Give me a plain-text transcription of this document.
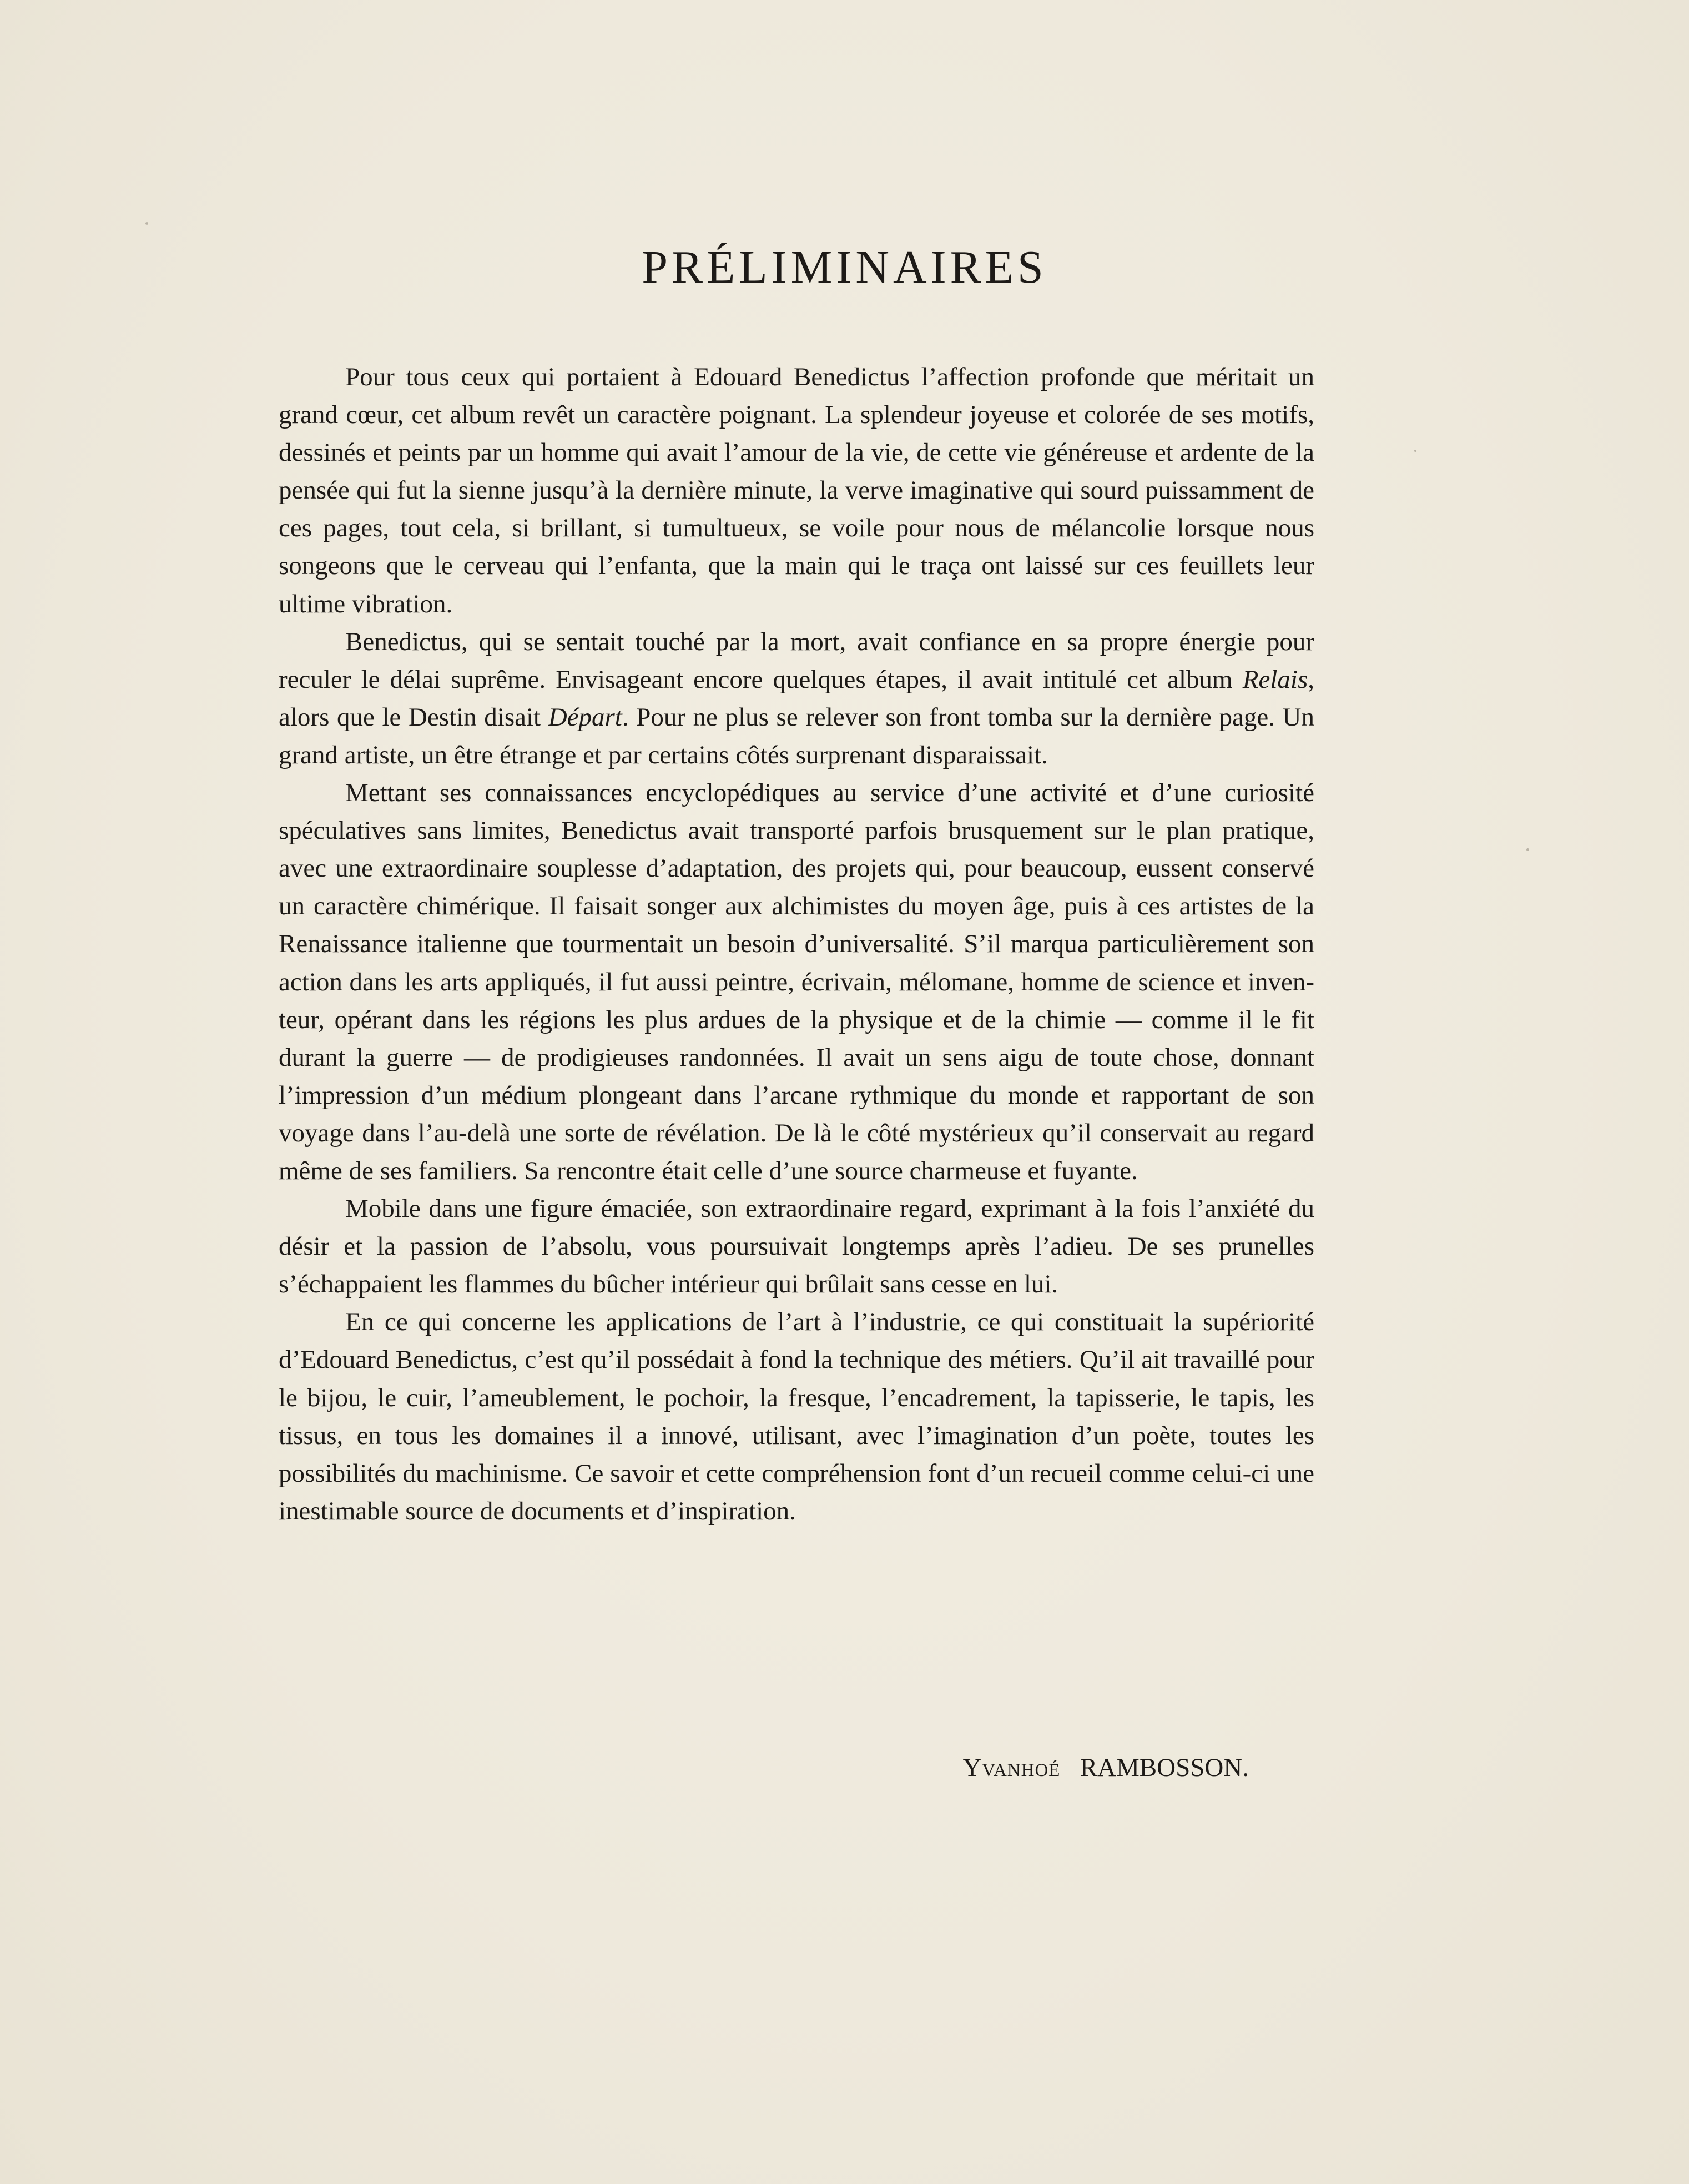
PRÉLIMINAIRES

Pour tous ceux qui portaient à Edouard Benedictus l’affection profonde que méritait un grand cœur, cet album revêt un caractère poignant. La splendeur joyeuse et colorée de ses motifs, dessinés et peints par un homme qui avait l’amour de la vie, de cette vie généreuse et ardente de la pensée qui fut la sienne jusqu’à la dernière minute, la verve imaginative qui sourd puissamment de ces pages, tout cela, si brillant, si tumultueux, se voile pour nous de mélancolie lorsque nous songeons que le cerveau qui l’enfanta, que la main qui le traça ont laissé sur ces feuillets leur ultime vibration.

Benedictus, qui se sentait touché par la mort, avait confiance en sa propre énergie pour reculer le délai suprême. Envisageant encore quelques étapes, il avait intitulé cet album Relais, alors que le Destin disait Départ. Pour ne plus se relever son front tomba sur la dernière page. Un grand artiste, un être étrange et par certains côtés surprenant disparaissait.

Mettant ses connaissances encyclopédiques au service d’une activité et d’une curiosité spéculatives sans limites, Benedictus avait transporté parfois brusquement sur le plan pratique, avec une extraordinaire souplesse d’adaptation, des projets qui, pour beaucoup, eussent conservé un caractère chimérique. Il faisait songer aux alchimistes du moyen âge, puis à ces artistes de la Renaissance italienne que tourmentait un besoin d’universalité. S’il marqua particulièrement son action dans les arts appliqués, il fut aussi peintre, écrivain, mélomane, homme de science et inventeur, opérant dans les régions les plus ardues de la physique et de la chimie — comme il le fit durant la guerre — de prodigieuses randonnées. Il avait un sens aigu de toute chose, donnant l’impression d’un médium plongeant dans l’arcane rythmique du monde et rapportant de son voyage dans l’au-delà une sorte de révélation. De là le côté mystérieux qu’il conservait au regard même de ses familiers. Sa rencontre était celle d’une source charmeuse et fuyante.

Mobile dans une figure émaciée, son extraordinaire regard, exprimant à la fois l’anxiété du désir et la passion de l’absolu, vous poursuivait longtemps après l’adieu. De ses prunelles s’échappaient les flammes du bûcher intérieur qui brûlait sans cesse en lui.

En ce qui concerne les applications de l’art à l’industrie, ce qui constituait la supériorité d’Edouard Benedictus, c’est qu’il possédait à fond la technique des métiers. Qu’il ait travaillé pour le bijou, le cuir, l’ameublement, le pochoir, la fresque, l’encadrement, la tapisserie, le tapis, les tissus, en tous les domaines il a innové, utilisant, avec l’imagination d’un poète, toutes les possibilités du machinisme. Ce savoir et cette compréhension font d’un recueil comme celui-ci une inestimable source de documents et d’inspiration.

Yvanhoé RAMBOSSON.
